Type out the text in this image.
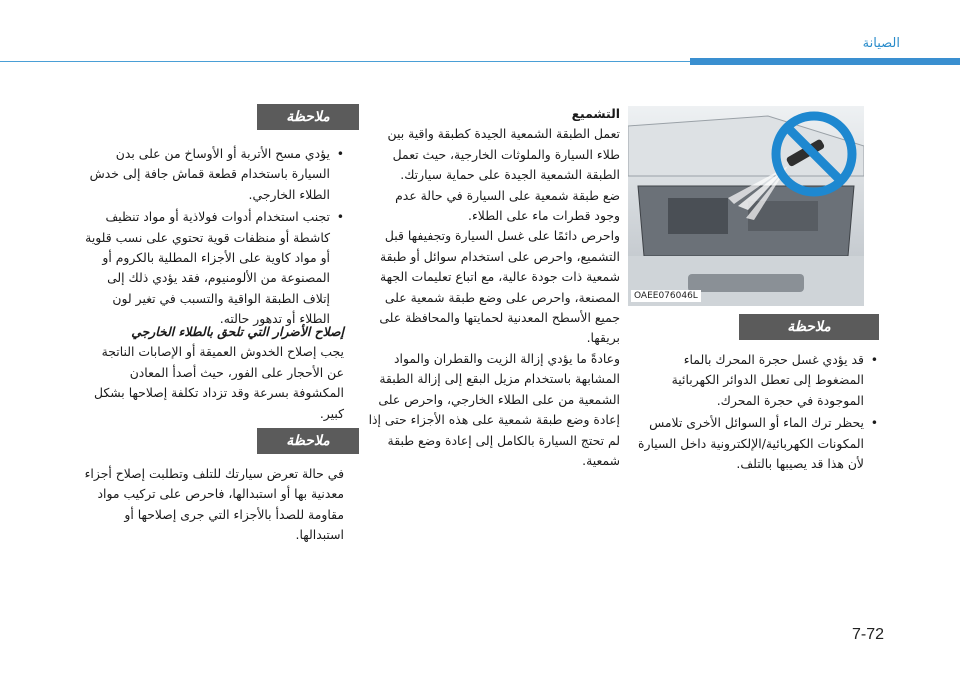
الصيانة
OAEE076046L
ملاحظة
• قد يؤدي غسل حجرة المحرك بالماء المضغوط إلى تعطل الدوائر الكهربائية الموجودة في حجرة المحرك.
• يحظر ترك الماء أو السوائل الأخرى تلامس المكونات الكهربائية/الإلكترونية داخل السيارة لأن هذا قد يصيبها بالتلف.

التشميع

تعمل الطبقة الشمعية الجيدة كطبقة واقية بين طلاء السيارة والملوثات الخارجية، حيث تعمل الطبقة الشمعية الجيدة على حماية سيارتك.

ضع طبقة شمعية على السيارة في حالة عدم وجود قطرات ماء على الطلاء.

واحرص دائمًا على غسل السيارة وتجفيفها قبل التشميع، واحرص على استخدام سوائل أو طبقة شمعية ذات جودة عالية، مع اتباع تعليمات الجهة المصنعة، واحرص على وضع طبقة شمعية على جميع الأسطح المعدنية لحمايتها والمحافظة على بريقها.

وعادةً ما يؤدي إزالة الزيت والقطران والمواد المشابهة باستخدام مزيل البقع إلى إزالة الطبقة الشمعية من على الطلاء الخارجي، واحرص على إعادة وضع طبقة شمعية على هذه الأجزاء حتى إذا لم تحتج السيارة بالكامل إلى إعادة وضع طبقة شمعية.

ملاحظة
• يؤدي مسح الأتربة أو الأوساخ من على بدن السيارة باستخدام قطعة قماش جافة إلى خدش الطلاء الخارجي.
• تجنب استخدام أدوات فولاذية أو مواد تنظيف كاشطة أو منظفات قوية تحتوي على نسب قلوية أو مواد كاوية على الأجزاء المطلية بالكروم أو المصنوعة من الألومنيوم، فقد يؤدي ذلك إلى إتلاف الطبقة الواقية والتسبب في تغير لون الطلاء أو تدهور حالته.

إصلاح الأضرار التي تلحق بالطلاء الخارجي

يجب إصلاح الخدوش العميقة أو الإصابات الناتجة عن الأحجار على الفور، حيث أصدأ المعادن المكشوفة بسرعة وقد تزداد تكلفة إصلاحها بشكل كبير.

ملاحظة

في حالة تعرض سيارتك للتلف وتطلبت إصلاح أجزاء معدنية بها أو استبدالها، فاحرص على تركيب مواد مقاومة للصدأ بالأجزاء التي جرى إصلاحها أو استبدالها.

7-72
